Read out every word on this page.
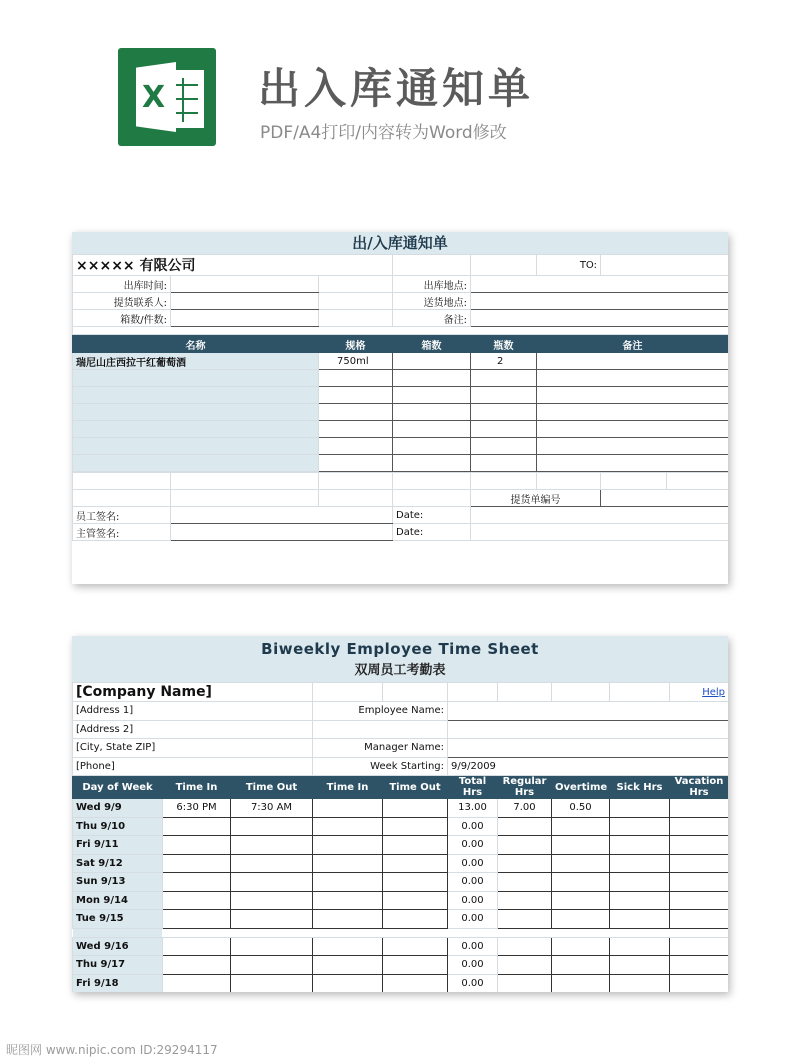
X 出入库通知单
PDF/A4打印/内容转为Word修改
出/入库通知单
××××× 有限公司					TO:	
出库时间:			出库地点:			
提货联系人:			送货地点:			
箱数/件数:			备注:			

名称	规格	箱数	瓶数	备注
瑞尼山庄西拉干红葡萄酒	750ml		2	

				提货单编号			
员工签名:			Date:				
主管签名:			Date:				
Biweekly Employee Time Sheet
双周员工考勤表
[Company Name]									Help
[Address 1]			Employee Name:						
[Address 2]									
[City, State ZIP]			Manager Name:						
[Phone]			Week Starting:		9/9/2009				
Day of Week	Time In	Time Out	Time In	Time Out	Total Hrs	Regular Hrs	Overtime	Sick Hrs	Vacation Hrs
Wed 9/9	6:30 PM	7:30 AM			13.00	7.00	0.50		
Thu 9/10					0.00				
Fri 9/11					0.00				
Sat 9/12					0.00				
Sun 9/13					0.00				
Mon 9/14					0.00				
Tue 9/15					0.00				

Wed 9/16					0.00				
Thu 9/17					0.00				
Fri 9/18					0.00				
昵图网 www.nipic.com ID:29294117
